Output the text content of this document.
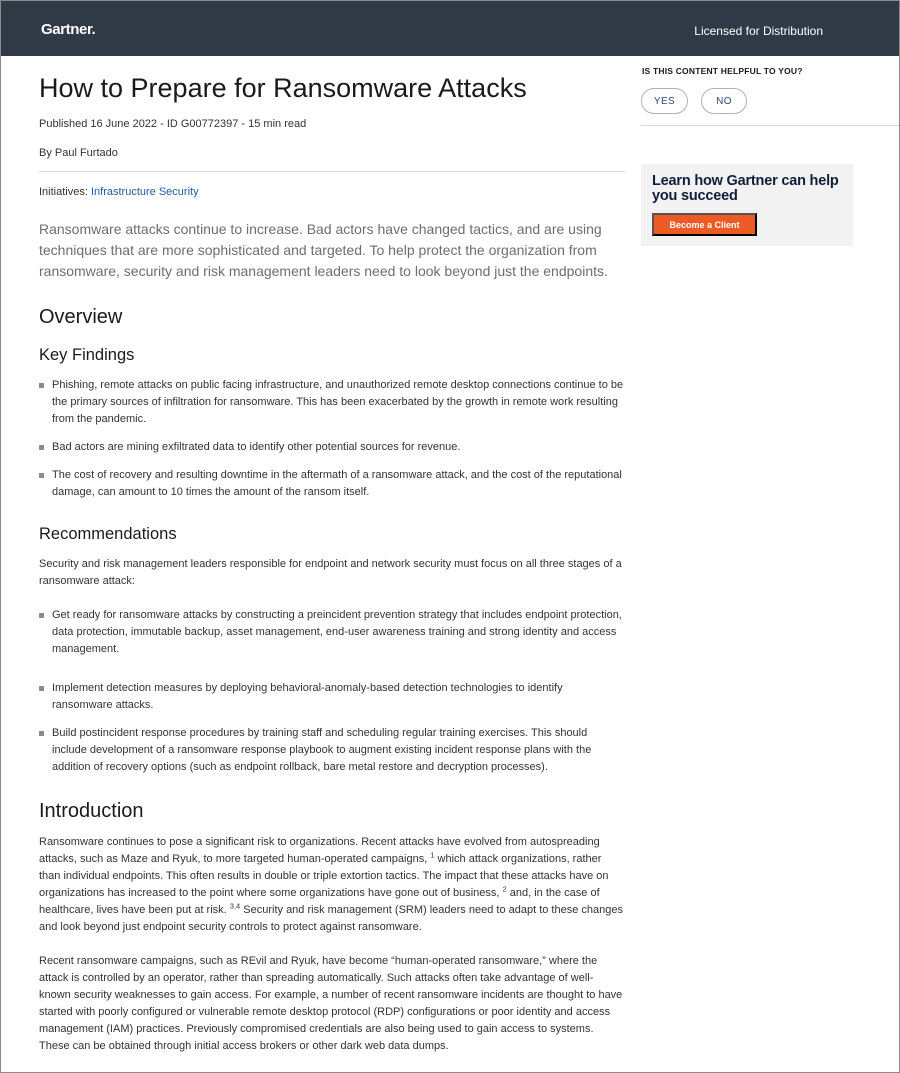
Gartner.	Licensed for Distribution
How to Prepare for Ransomware Attacks
Published 16 June 2022 - ID G00772397 - 15 min read
By Paul Furtado
Initiatives: Infrastructure Security

Ransomware attacks continue to increase. Bad actors have changed tactics, and are using techniques that are more sophisticated and targeted. To help protect the organization from ransomware, security and risk management leaders need to look beyond just the endpoints.

Overview
Key Findings
Phishing, remote attacks on public facing infrastructure, and unauthorized remote desktop connections continue to be the primary sources of infiltration for ransomware. This has been exacerbated by the growth in remote work resulting from the pandemic.
Bad actors are mining exfiltrated data to identify other potential sources for revenue.
The cost of recovery and resulting downtime in the aftermath of a ransomware attack, and the cost of the reputational damage, can amount to 10 times the amount of the ransom itself.
Recommendations

Security and risk management leaders responsible for endpoint and network security must focus on all three stages of a ransomware attack:

Get ready for ransomware attacks by constructing a preincident prevention strategy that includes endpoint protection, data protection, immutable backup, asset management, end-user awareness training and strong identity and access management.
Implement detection measures by deploying behavioral-anomaly-based detection technologies to identify ransomware attacks.
Build postincident response procedures by training staff and scheduling regular training exercises. This should include development of a ransomware response playbook to augment existing incident response plans with the addition of recovery options (such as endpoint rollback, bare metal restore and decryption processes).
Introduction

Ransomware continues to pose a significant risk to organizations. Recent attacks have evolved from autospreading attacks, such as Maze and Ryuk, to more targeted human-operated campaigns, $^1$ which attack organizations, rather than individual endpoints. This often results in double or triple extortion tactics. The impact that these attacks have on organizations has increased to the point where some organizations have gone out of business, $^2$ and, in the case of healthcare, lives have been put at risk. $^{3,4}$ Security and risk management (SRM) leaders need to adapt to these changes and look beyond just endpoint security controls to protect against ransomware.

Recent ransomware campaigns, such as REvil and Ryuk, have become “human-operated ransomware,” where the attack is controlled by an operator, rather than spreading automatically. Such attacks often take advantage of well-known security weaknesses to gain access. For example, a number of recent ransomware incidents are thought to have started with poorly configured or vulnerable remote desktop protocol (RDP) configurations or poor identity and access management (IAM) practices. Previously compromised credentials are also being used to gain access to systems. These can be obtained through initial access brokers or other dark web data dumps.

IS THIS CONTENT HELPFUL TO YOU?
YES	NO
Learn how Gartner can help you succeed
Become a Client
